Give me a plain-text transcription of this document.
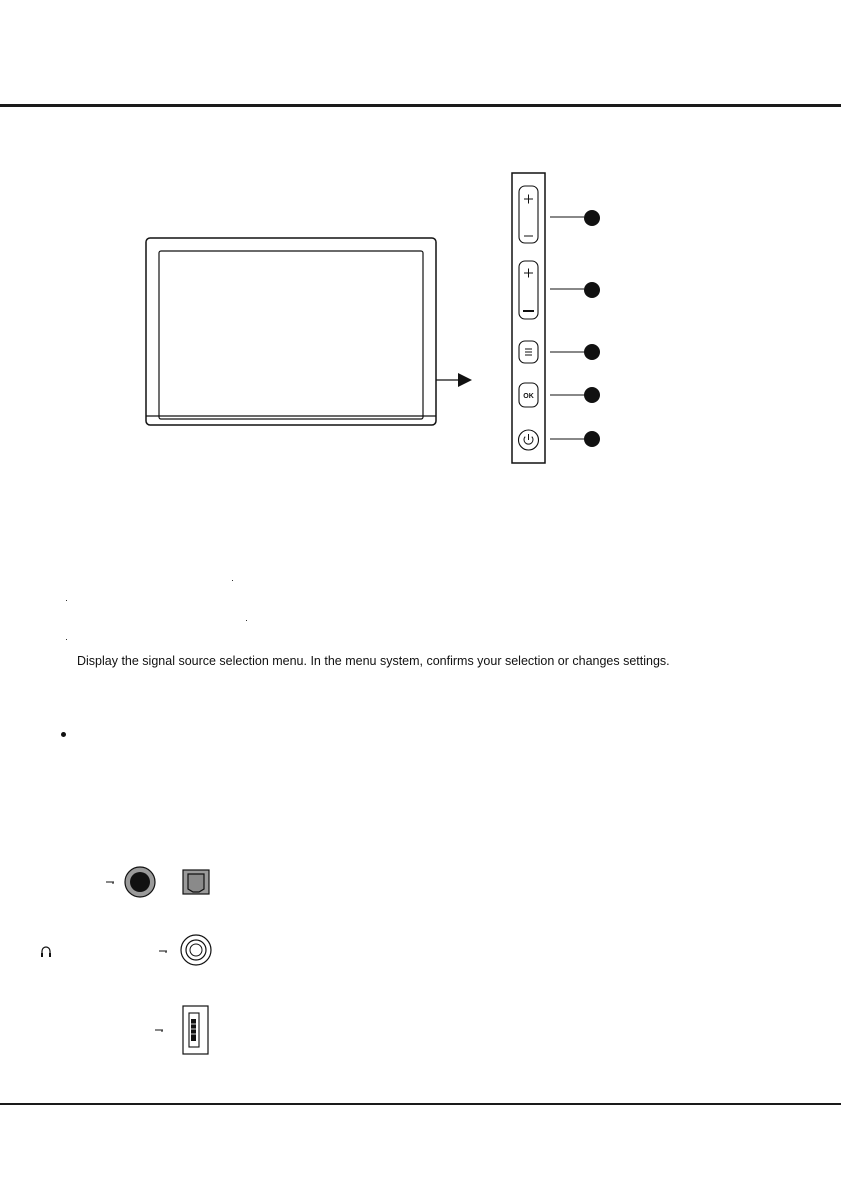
OK
Display the signal source selection menu. In the menu system, confirms your selection or changes settings.
